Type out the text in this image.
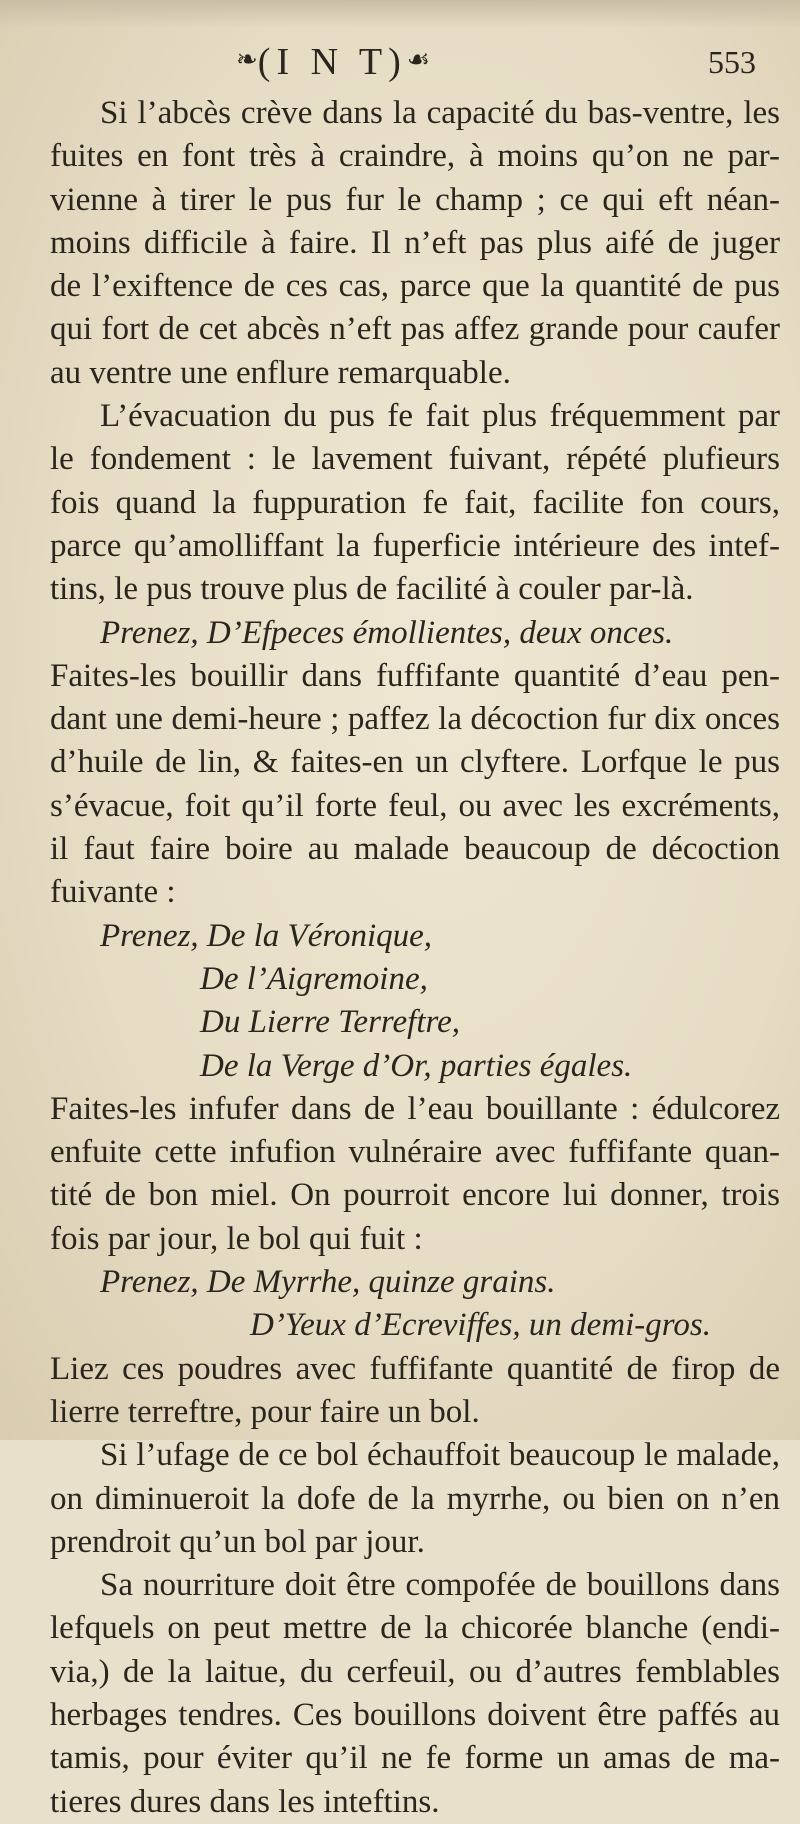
❧(I N T)☙	553

Si l’abcès crève dans la capacité du bas-ventre, les

fuites en font très à craindre, à moins qu’on ne par-

vienne à tirer le pus fur le champ ; ce qui eft néan-

moins difficile à faire. Il n’eft pas plus aifé de juger

de l’exiftence de ces cas, parce que la quantité de pus

qui fort de cet abcès n’eft pas affez grande pour caufer

au ventre une enflure remarquable.

L’évacuation du pus fe fait plus fréquemment par

le fondement : le lavement fuivant, répété plufieurs

fois quand la fuppuration fe fait, facilite fon cours,

parce qu’amolliffant la fuperficie intérieure des intef-

tins, le pus trouve plus de facilité à couler par-là.

Prenez, D’Efpeces émollientes, deux onces.

Faites-les bouillir dans fuffifante quantité d’eau pen-

dant une demi-heure ; paffez la décoction fur dix onces

d’huile de lin, & faites-en un clyftere. Lorfque le pus

s’évacue, foit qu’il forte feul, ou avec les excréments,

il faut faire boire au malade beaucoup de décoction

fuivante :

Prenez, De la Véronique,

De l’Aigremoine,

Du Lierre Terreftre,

De la Verge d’Or, parties égales.

Faites-les infufer dans de l’eau bouillante : édulcorez

enfuite cette infufion vulnéraire avec fuffifante quan-

tité de bon miel. On pourroit encore lui donner, trois

fois par jour, le bol qui fuit :

Prenez, De Myrrhe, quinze grains.

D’Yeux d’Ecreviffes, un demi-gros.

Liez ces poudres avec fuffifante quantité de firop de

lierre terreftre, pour faire un bol.

Si l’ufage de ce bol échauffoit beaucoup le malade,

on diminueroit la dofe de la myrrhe, ou bien on n’en

prendroit qu’un bol par jour.

Sa nourriture doit être compofée de bouillons dans

lefquels on peut mettre de la chicorée blanche (endi-

via,) de la laitue, du cerfeuil, ou d’autres femblables

herbages tendres. Ces bouillons doivent être paffés au

tamis, pour éviter qu’il ne fe forme un amas de ma-

tieres dures dans les inteftins.
